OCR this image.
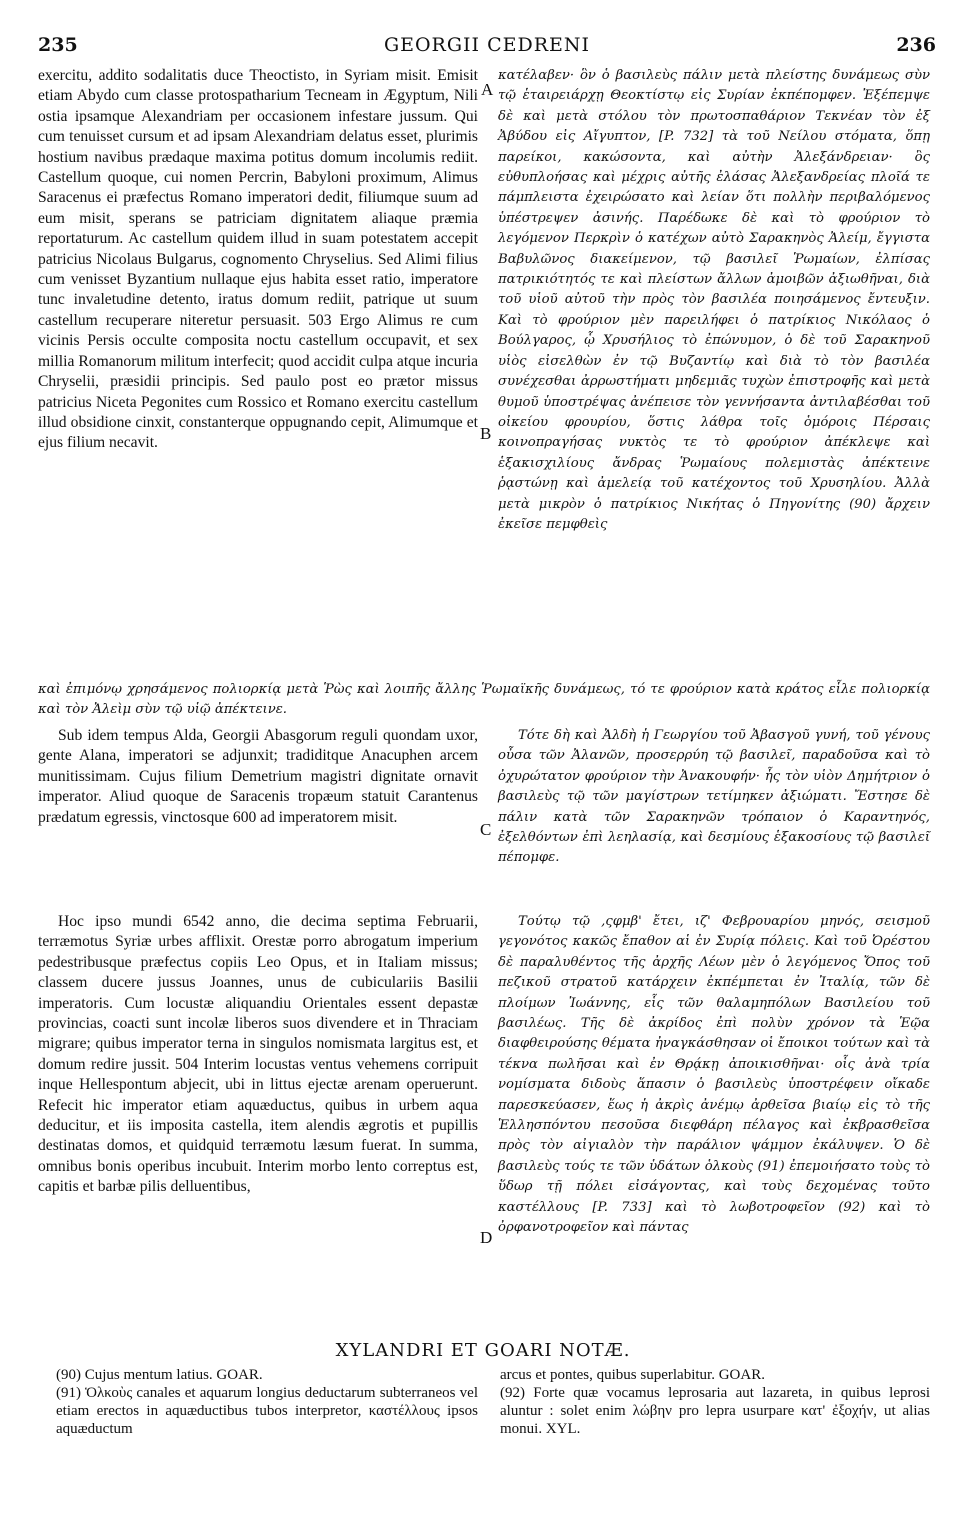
235	GEORGII CEDRENI	236

exercitu, addito sodalitatis duce Theoctisto, in Syriam misit. Emisit etiam Abydo cum classe protospatharium Tecneam in Ægyptum, Nili ostia ipsamque Alexandriam per occasionem infestare jussum. Qui cum tenuisset cursum et ad ipsam Alexandriam delatus esset, plurimis hostium navibus prædaque maxima potitus domum incolumis rediit. Castellum quoque, cui nomen Percrin, Babyloni proximum, Alimus Saracenus ei præfectus Romano imperatori dedit, filiumque suum ad eum misit, sperans se patriciam dignitatem aliaque præmia reportaturum. Ac castellum quidem illud in suam potestatem accepit patricius Nicolaus Bulgarus, cognomento Chryselius. Sed Alimi filius cum venisset Byzantium nullaque ejus habita esset ratio, imperatore tunc invaletudine detento, iratus domum rediit, patrique ut suum castellum recuperare niteretur persuasit. 503 Ergo Alimus re cum vicinis Persis occulte composita noctu castellum occupavit, et sex millia Romanorum militum interfecit; quod accidit culpa atque incuria Chryselii, præsidii principis. Sed paulo post eo prætor missus patricius Niceta Pegonites cum Rossico et Romano exercitu castellum illud obsidione cinxit, constanterque oppugnando cepit, Alimumque et ejus filium necavit.

κατέλαβεν· ὃν ὁ βασιλεὺς πάλιν μετὰ πλείστης δυνάμεως σὺν τῷ ἑταιρειάρχῃ Θεοκτίστῳ εἰς Συρίαν ἐκπέπομφεν. Ἐξέπεμψε δὲ καὶ μετὰ στόλου τὸν πρωτοσπαθάριον Τεκνέαν τὸν ἐξ Ἀβύδου εἰς Αἴγυπτον, [P. 732] τὰ τοῦ Νείλου στόματα, ὅπῃ παρείκοι, κακώσοντα, καὶ αὐτὴν Ἀλεξάνδρειαν· ὃς εὐθυπλοήσας καὶ μέχρις αὐτῆς ἐλάσας Ἀλεξανδρείας πλοῖά τε πάμπλειστα ἐχειρώσατο καὶ λείαν ὅτι πολλὴν περιβαλόμενος ὑπέστρεψεν ἀσινής. Παρέδωκε δὲ καὶ τὸ φρούριον τὸ λεγόμενον Περκρὶν ὁ κατέχων αὐτὸ Σαρακηνὸς Ἀλείμ, ἔγγιστα Βαβυλῶνος διακείμενον, τῷ βασιλεῖ Ῥωμαίων, ἐλπίσας πατρικιότητός τε καὶ πλείστων ἄλλων ἀμοιβῶν ἀξιωθῆναι, διὰ τοῦ υἱοῦ αὐτοῦ τὴν πρὸς τὸν βασιλέα ποιησάμενος ἔντευξιν. Καὶ τὸ φρούριον μὲν παρειλήφει ὁ πατρίκιος Νικόλαος ὁ Βούλγαρος, ᾧ Χρυσήλιος τὸ ἐπώνυμον, ὁ δὲ τοῦ Σαρακηνοῦ υἱὸς εἰσελθὼν ἐν τῷ Βυζαντίῳ καὶ διὰ τὸ τὸν βασιλέα συνέχεσθαι ἀρρωστήματι μηδεμιᾶς τυχὼν ἐπιστροφῆς καὶ μετὰ θυμοῦ ὑποστρέψας ἀνέπεισε τὸν γεννήσαντα ἀντιλαβέσθαι τοῦ οἰκείου φρουρίου, ὅστις λάθρα τοῖς ὁμόροις Πέρσαις κοινοπραγήσας νυκτὸς τε τὸ φρούριον ἀπέκλεψε καὶ ἑξακισχιλίους ἄνδρας Ῥωμαίους πολεμιστὰς ἀπέκτεινε ῥᾳστώνῃ καὶ ἀμελείᾳ τοῦ κατέχοντος τοῦ Χρυσηλίου. Ἀλλὰ μετὰ μικρὸν ὁ πατρίκιος Νικήτας ὁ Πηγονίτης (90) ἄρχειν ἐκεῖσε πεμφθεὶς

καὶ ἐπιμόνῳ χρησάμενος πολιορκίᾳ μετὰ Ῥὼς καὶ λοιπῆς ἄλλης Ῥωμαϊκῆς δυνάμεως, τό τε φρούριον κατὰ κράτος εἷλε πολιορκίᾳ καὶ τὸν Ἀλεὶμ σὺν τῷ υἱῷ ἀπέκτεινε.

Sub idem tempus Alda, Georgii Abasgorum reguli quondam uxor, gente Alana, imperatori se adjunxit; tradiditque Anacuphen arcem munitissimam. Cujus filium Demetrium magistri dignitate ornavit imperator. Aliud quoque de Saracenis tropæum statuit Carantenus prædatum egressis, vinctosque 600 ad imperatorem misit.

Τότε δὴ καὶ Ἀλδὴ ἡ Γεωργίου τοῦ Ἀβασγοῦ γυνή, τοῦ γένους οὖσα τῶν Ἀλανῶν, προσερρύη τῷ βασιλεῖ, παραδοῦσα καὶ τὸ ὀχυρώτατον φρούριον τὴν Ἀνακουφήν· ἧς τὸν υἱὸν Δημήτριον ὁ βασιλεὺς τῷ τῶν μαγίστρων τετίμηκεν ἀξιώματι. Ἔστησε δὲ πάλιν κατὰ τῶν Σαρακηνῶν τρόπαιον ὁ Καραντηνός, ἐξελθόντων ἐπὶ λεηλασίᾳ, καὶ δεσμίους ἑξακοσίους τῷ βασιλεῖ πέπομφε.

Hoc ipso mundi 6542 anno, die decima septima Februarii, terræmotus Syriæ urbes afflixit. Orestæ porro abrogatum imperium pedestribusque præfectus copiis Leo Opus, et in Italiam missus; classem ducere jussus Joannes, unus de cubiculariis Basilii imperatoris. Cum locustæ aliquandiu Orientales essent depastæ provincias, coacti sunt incolæ liberos suos divendere et in Thraciam migrare; quibus imperator terna in singulos nomismata largitus est, et domum redire jussit. 504 Interim locustas ventus vehemens corripuit inque Hellespontum abjecit, ubi in littus ejectæ arenam operuerunt. Refecit hic imperator etiam aquæductus, quibus in urbem aqua deducitur, et iis imposita castella, item alendis ægrotis et pupillis destinatas domos, et quidquid terræmotu læsum fuerat. In summa, omnibus bonis operibus incubuit. Interim morbo lento correptus est, capitis et barbæ pilis delluentibus,

Τούτῳ τῷ ,ςφμβ' ἔτει, ιζ' Φεβρουαρίου μηνός, σεισμοῦ γεγονότος κακῶς ἔπαθον αἱ ἐν Συρίᾳ πόλεις. Καὶ τοῦ Ὀρέστου δὲ παραλυθέντος τῆς ἀρχῆς Λέων μὲν ὁ λεγόμενος Ὄπος τοῦ πεζικοῦ στρατοῦ κατάρχειν ἐκπέμπεται ἐν Ἰταλίᾳ, τῶν δὲ πλοίμων Ἰωάννης, εἷς τῶν θαλαμηπόλων Βασιλείου τοῦ βασιλέως. Τῆς δὲ ἀκρίδος ἐπὶ πολὺν χρόνον τὰ Ἑῷα διαφθειρούσης θέματα ἠναγκάσθησαν οἱ ἔποικοι τούτων καὶ τὰ τέκνα πωλῆσαι καὶ ἐν Θρᾴκῃ ἀποικισθῆναι· οἷς ἀνὰ τρία νομίσματα διδοὺς ἅπασιν ὁ βασιλεὺς ὑποστρέφειν οἴκαδε παρεσκεύασεν, ἕως ἡ ἀκρὶς ἀνέμῳ ἀρθεῖσα βιαίῳ εἰς τὸ τῆς Ἑλλησπόντου πεσοῦσα διεφθάρη πέλαγος καὶ ἐκβρασθεῖσα πρὸς τὸν αἰγιαλὸν τὴν παράλιον ψάμμον ἐκάλυψεν. Ὁ δὲ βασιλεὺς τούς τε τῶν ὑδάτων ὁλκοὺς (91) ἐπεμοιήσατο τοὺς τὸ ὕδωρ τῇ πόλει εἰσάγοντας, καὶ τοὺς δεχομένας τοῦτο καστέλλους [P. 733] καὶ τὸ λωβοτροφεῖον (92) καὶ τὸ ὀρφανοτροφεῖον καὶ πάντας

A
B
C
D
XYLANDRI ET GOARI NOTÆ.
(90) Cujus mentum latius. GOAR.
(91) Ὁλκοὺς canales et aquarum longius deductarum subterraneos vel etiam erectos in aquæductibus tubos interpretor, καστέλλους ipsos aquæductum
arcus et pontes, quibus superlabitur. GOAR.
(92) Forte quæ vocamus leprosaria aut lazareta, in quibus leprosi aluntur : solet enim λώβην pro lepra usurpare κατ' ἐξοχήν, ut alias monui. XYL.
